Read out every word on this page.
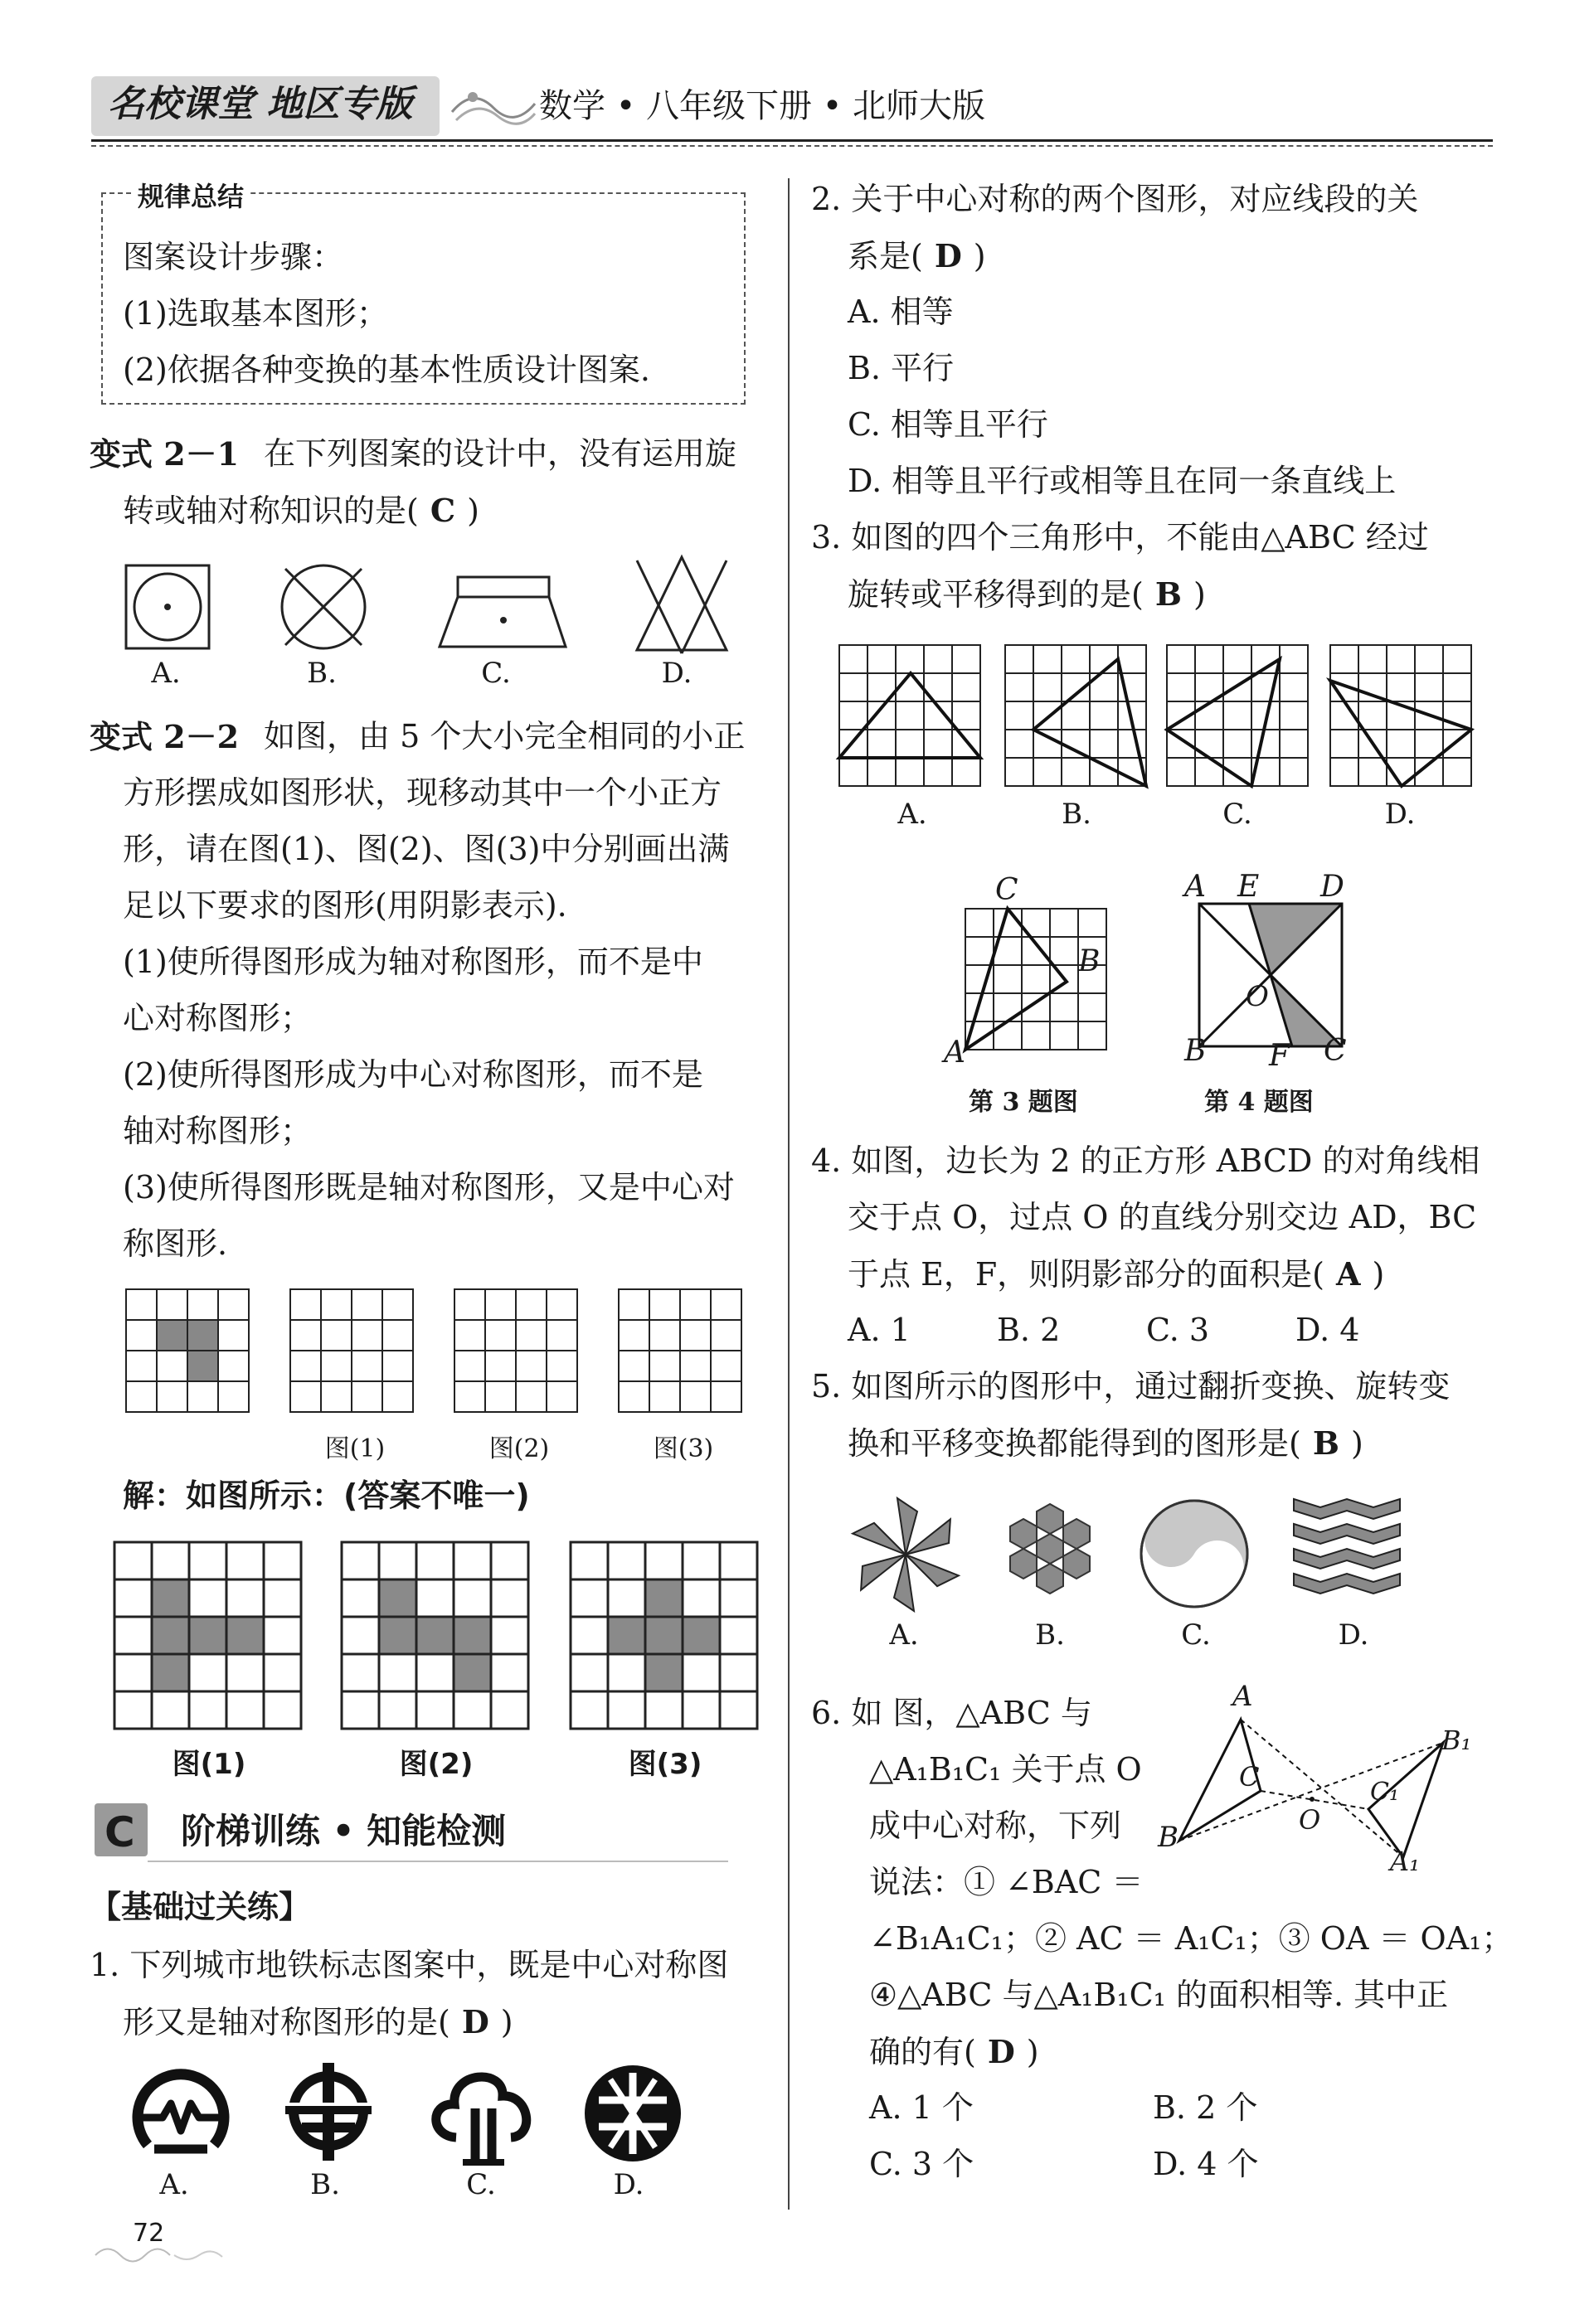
名校课堂 地区专版	数学 • 八年级下册 • 北师大版
规律总结
图案设计步骤：
(1)选取基本图形；
(2)依据各种变换的基本性质设计图案.
变式 2－1 在下列图案的设计中，没有运用旋
转或轴对称知识的是( C )
A.	B.	C.	D.
变式 2－2 如图，由 5 个大小完全相同的小正
方形摆成如图形状，现移动其中一个小正方
形，请在图(1)、图(2)、图(3)中分别画出满
足以下要求的图形(用阴影表示).
(1)使所得图形成为轴对称图形，而不是中
心对称图形；
(2)使所得图形成为中心对称图形，而不是
轴对称图形；
(3)使所得图形既是轴对称图形，又是中心对
称图形.
图(1)	图(2)	图(3)
解：如图所示：(答案不唯一)
图(1)	图(2)	图(3)
C 阶梯训练 • 知能检测
【基础过关练】
1. 下列城市地铁标志图案中，既是中心对称图
形又是轴对称图形的是( D )
A.	B.	C.	D.
72
2. 关于中心对称的两个图形，对应线段的关
系是( D )
A. 相等
B. 平行
C. 相等且平行
D. 相等且平行或相等且在同一条直线上
3. 如图的四个三角形中，不能由△ABC 经过
旋转或平移得到的是( B )
A.	B.	C.	D.
C
B
A
第 3 题图
A E D
O
B F C
第 4 题图
4. 如图，边长为 2 的正方形 ABCD 的对角线相
交于点 O，过点 O 的直线分别交边 AD，BC
于点 E，F，则阴影部分的面积是( A )
A. 1	B. 2	C. 3	D. 4
5. 如图所示的图形中，通过翻折变换、旋转变
换和平移变换都能得到的图形是( B )
A.	B.	C.	D.
6. 如 图，△ABC 与
△A₁B₁C₁ 关于点 O
成中心对称，下列
说法：① ∠BAC ＝
∠B₁A₁C₁；② AC ＝ A₁C₁；③ OA ＝ OA₁；
④△ABC 与△A₁B₁C₁ 的面积相等. 其中正
确的有( D )
A. 1 个	B. 2 个
C. 3 个	D. 4 个
A
B
C
O
B₁
C₁
A₁
